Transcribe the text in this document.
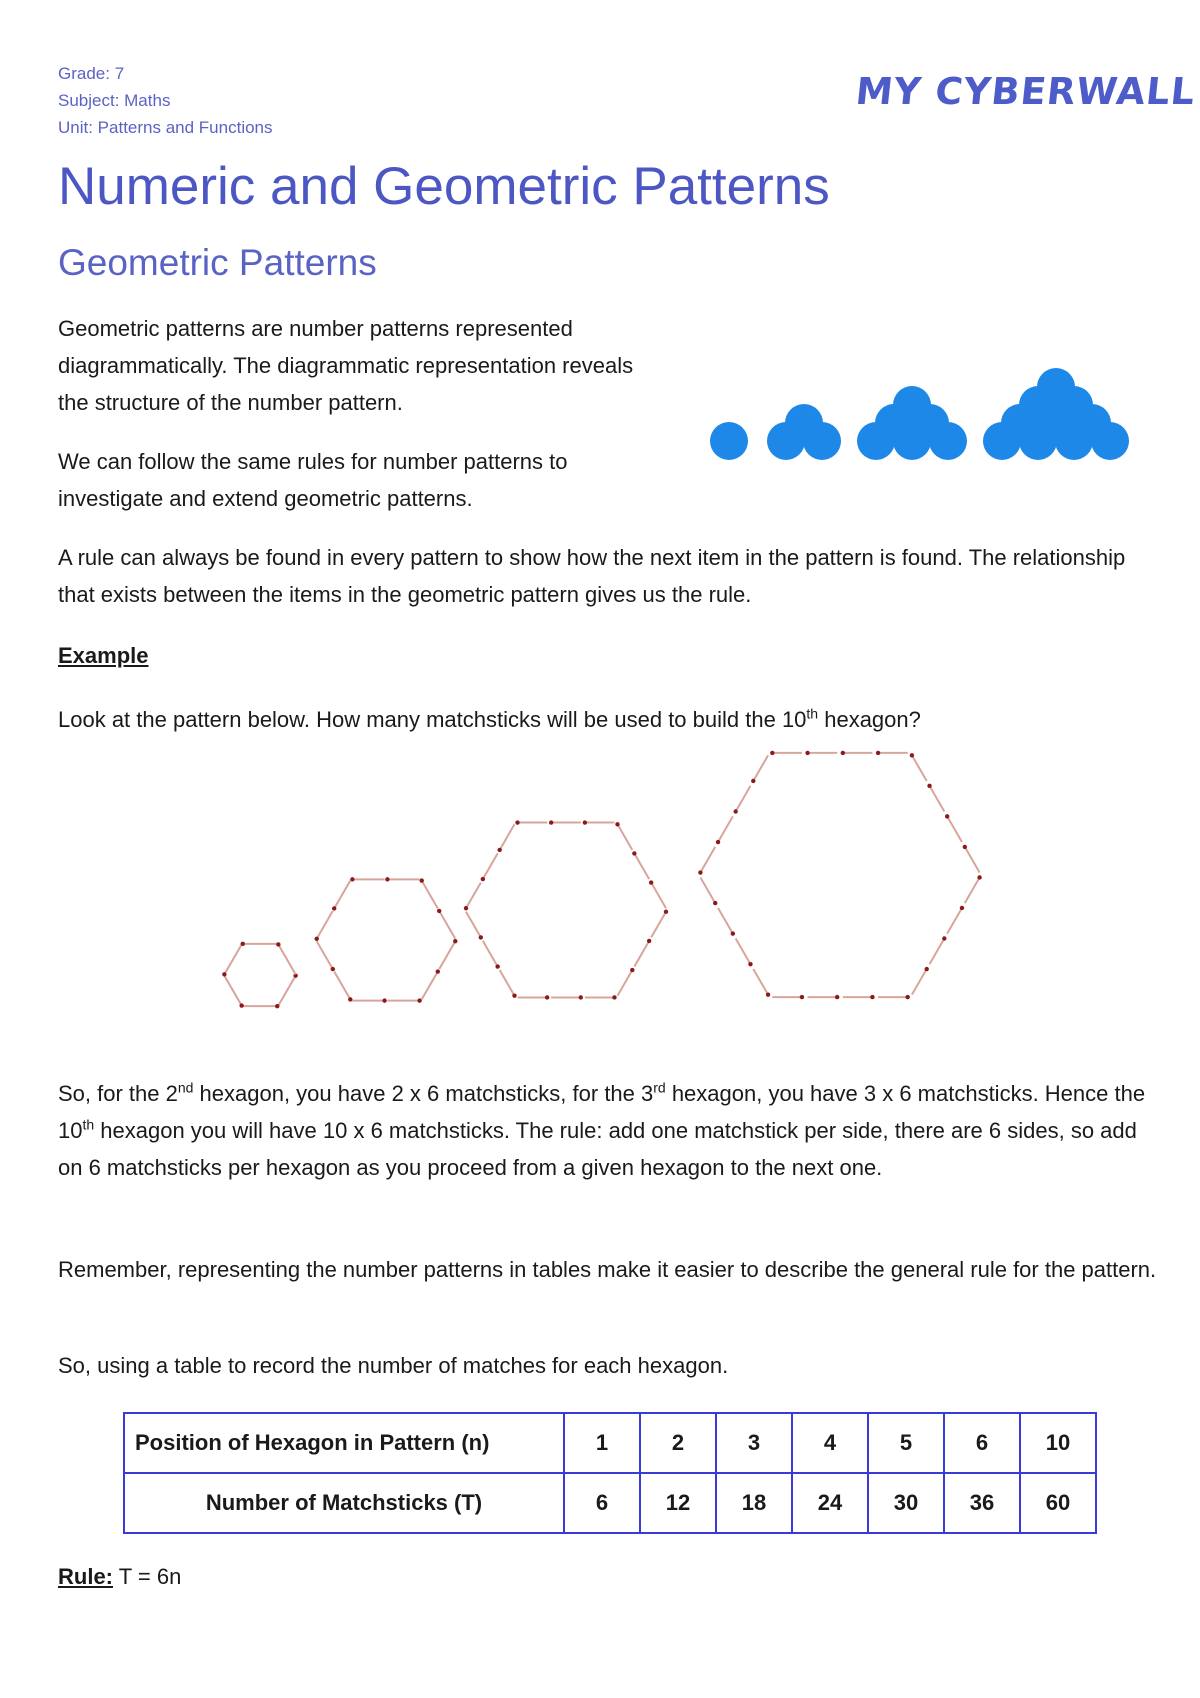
Grade: 7
Subject: Maths
Unit: Patterns and Functions
MY CYBERWALL
Numeric and Geometric Patterns
Geometric Patterns

Geometric patterns are number patterns represented diagrammatically. The diagrammatic representation reveals the structure of the number pattern.

We can follow the same rules for number patterns to investigate and extend geometric patterns.

A rule can always be found in every pattern to show how the next item in the pattern is found. The relationship that exists between the items in the geometric pattern gives us the rule.

Example

Look at the pattern below. How many matchsticks will be used to build the 10th hexagon?

So, for the 2nd hexagon, you have 2 x 6 matchsticks, for the 3rd hexagon, you have 3 x 6 matchsticks. Hence the 10th hexagon you will have 10 x 6 matchsticks. The rule: add one matchstick per side, there are 6 sides, so add on 6 matchsticks per hexagon as you proceed from a given hexagon to the next one.

Remember, representing the number patterns in tables make it easier to describe the general rule for the pattern.

So, using a table to record the number of matches for each hexagon.

Position of Hexagon in Pattern (n)	1	2	3	4	5	6	10
Number of Matchsticks (T)	6	12	18	24	30	36	60

Rule: T = 6n
